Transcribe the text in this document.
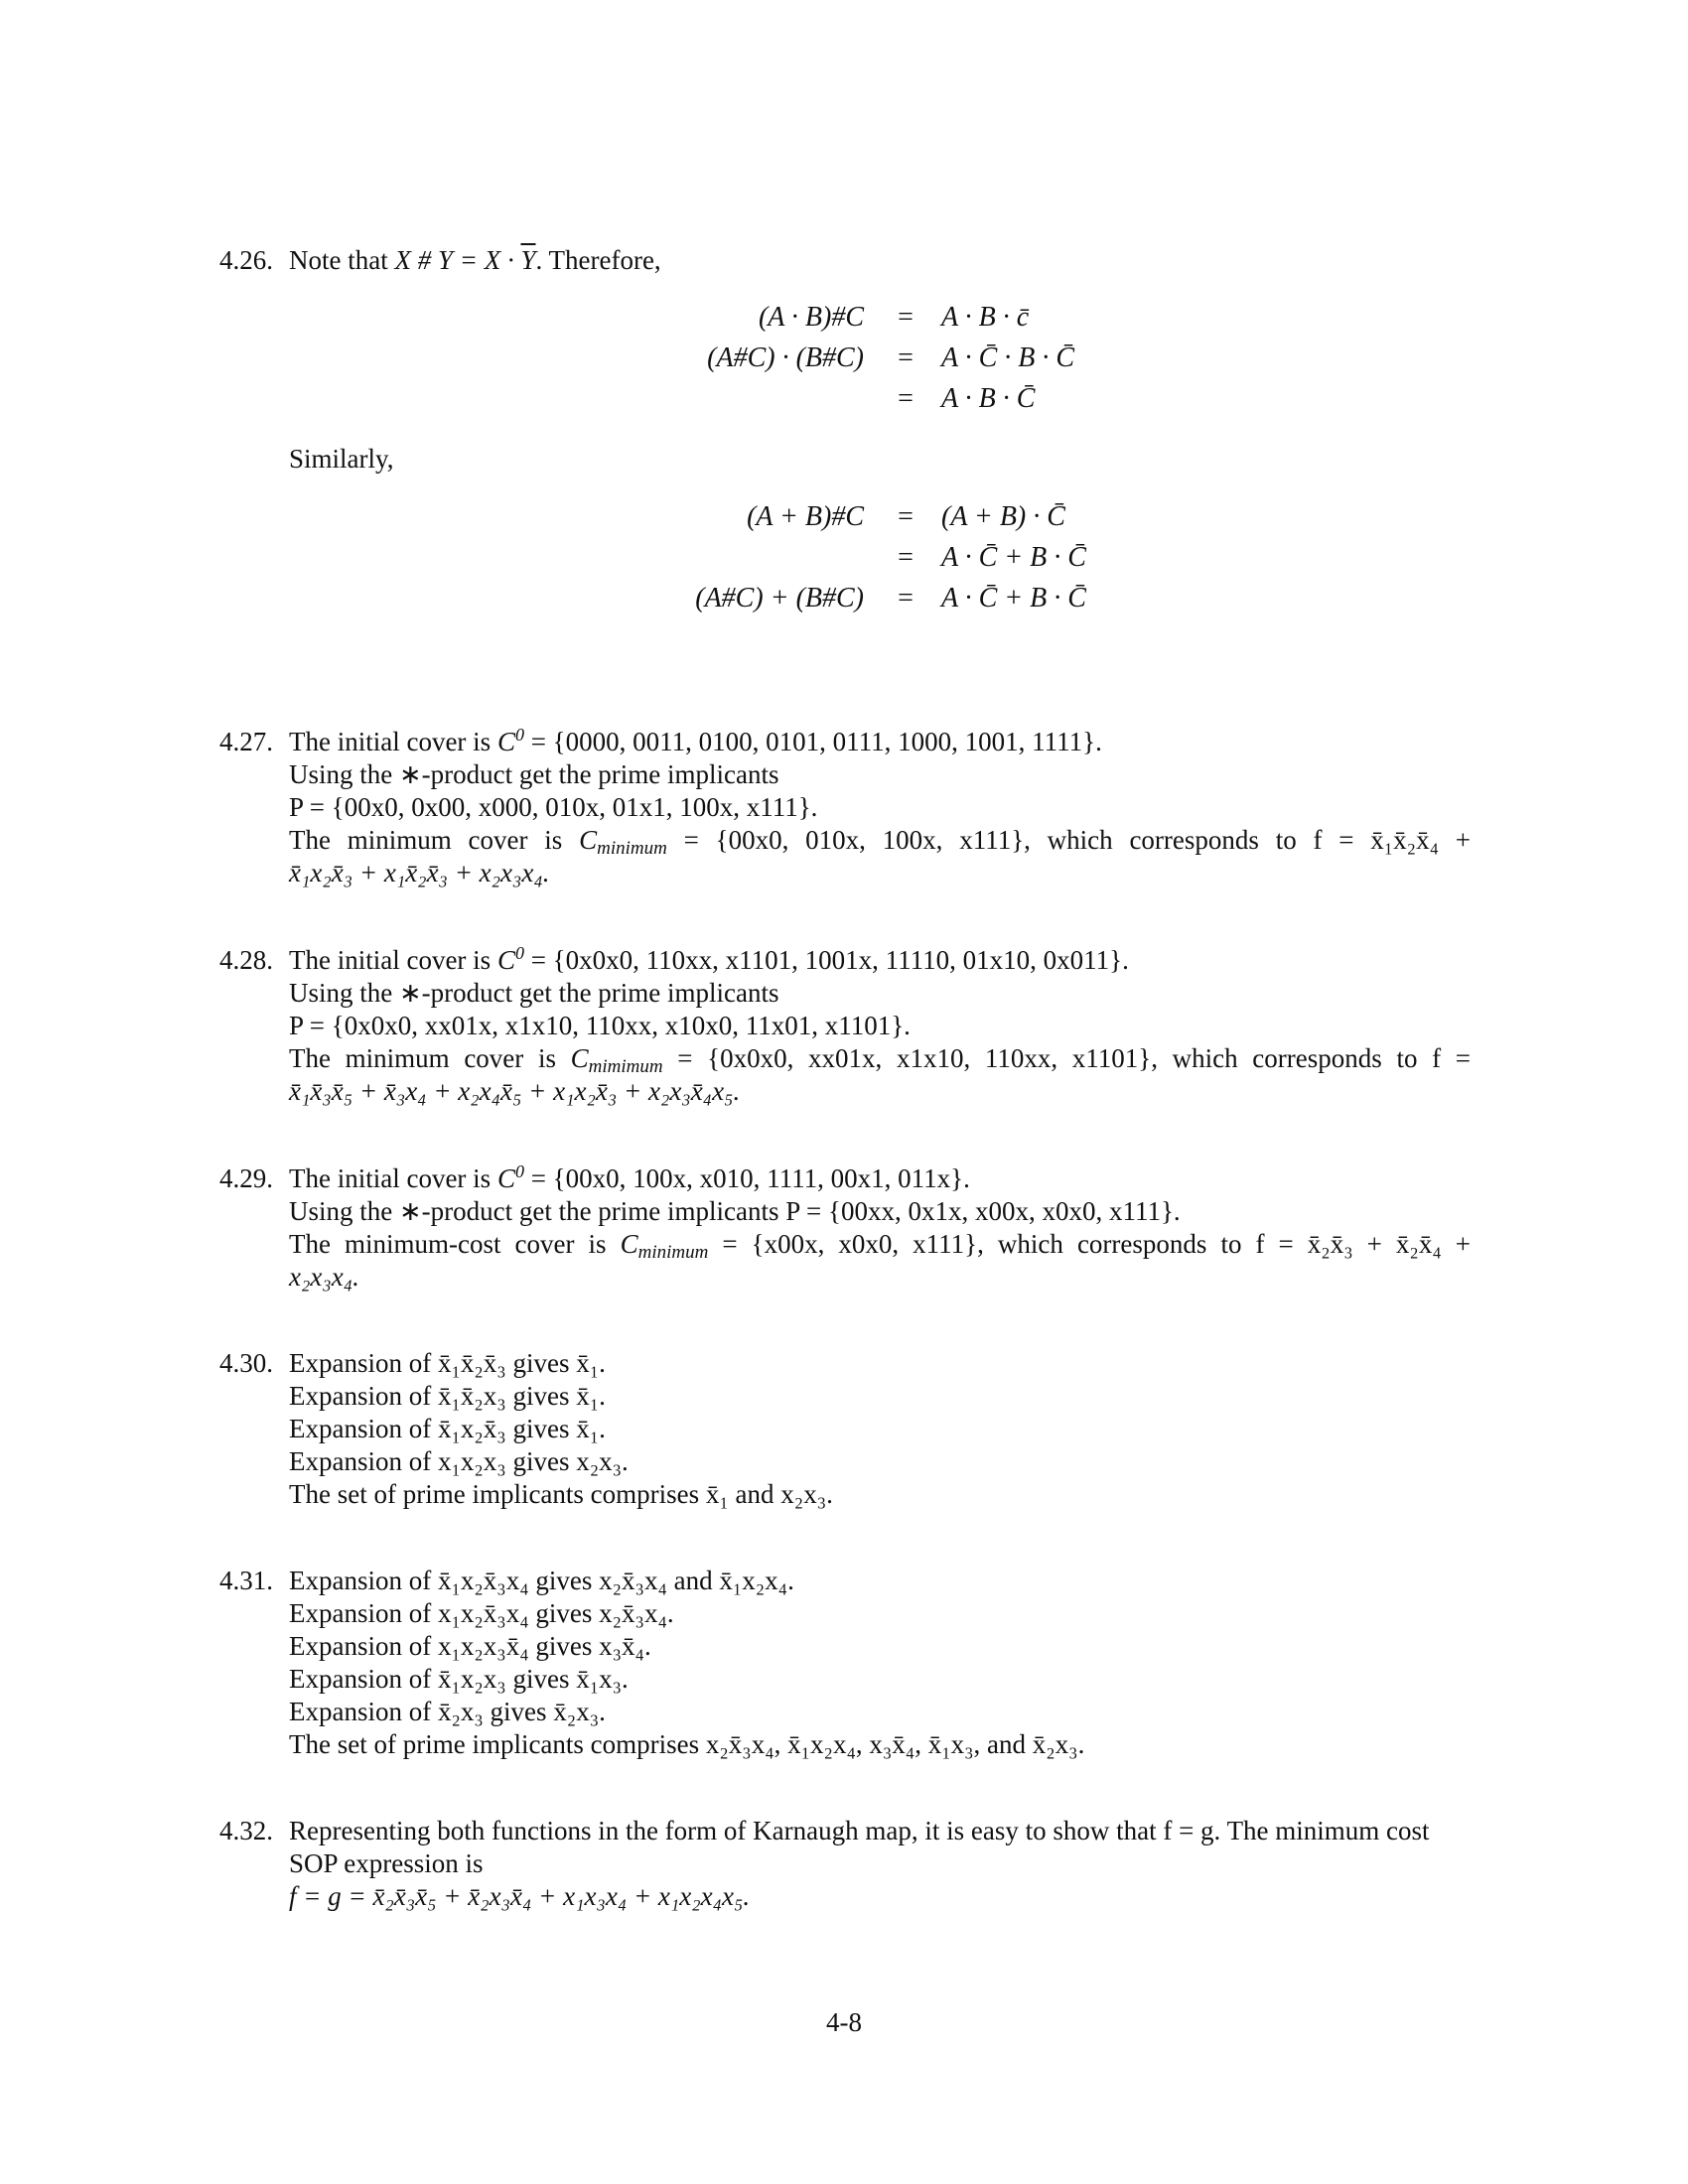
4.26. Note that X # $Y = X \cdot \overline{Y}$. Therefore,
(A · B)#C = A · B · c̄
(A#C) · (B#C) = A · C̄ · B · C̄
= A · B · C̄
Similarly,
(A + B)#C = (A + B) · C̄
= A · C̄ + B · C̄
(A#C) + (B#C) = A · C̄ + B · C̄
4.27. The initial cover is $C^0 = \{0000$, 0011, 0100, 0101, 0111, 1000, 1001, 1111}.
Using the ∗-product get the prime implicants
P = {00x0, 0x00, x000, 010x, 01x1, 100x, x111}.
The minimum cover is Cminimum = {00x0, 010x, 100x, x111}, which corresponds to f = x̄₁x̄₂x̄₄ +
x̄₁x₂x̄₃ + x₁x̄₂x̄₃ + x₂x₃x₄.
4.28. The initial cover is $C^0 = \{0x0x0$, 110xx, x1101, 1001x, 11110, 01x10, 0x011}.
Using the ∗-product get the prime implicants
P = {0x0x0, xx01x, x1x10, 110xx, x10x0, 11x01, x1101}.
The minimum cover is Cmimimum = {0x0x0, xx01x, x1x10, 110xx, x1101}, which corresponds to f =
x̄₁x̄₃x̄₅ + x̄₃x₄ + x₂x₄x̄₅ + x₁x₂x̄₃ + x₂x₃x̄₄x₅.
4.29. The initial cover is $C^0 = \{00x0$, 100x, x010, 1111, 00x1, 011x}.
Using the ∗-product get the prime implicants P = {00xx, 0x1x, x00x, x0x0, x111}.
The minimum-cost cover is Cminimum = {x00x, x0x0, x111}, which corresponds to f = x̄₂x̄₃ + x̄₂x̄₄ +
x₂x₃x₄.
4.30. Expansion of x̄₁x̄₂x̄₃ gives x̄₁.
Expansion of x̄₁x̄₂x₃ gives x̄₁.
Expansion of x̄₁x₂x̄₃ gives x̄₁.
Expansion of x₁x₂x₃ gives x₂x₃.
The set of prime implicants comprises x̄₁ and x₂x₃.
4.31. Expansion of x̄₁x₂x̄₃x₄ gives x₂x̄₃x₄ and x̄₁x₂x₄.
Expansion of x₁x₂x̄₃x₄ gives x₂x̄₃x₄.
Expansion of x₁x₂x₃x̄₄ gives x₃x̄₄.
Expansion of x̄₁x₂x₃ gives x̄₁x₃.
Expansion of x̄₂x₃ gives x̄₂x₃.
The set of prime implicants comprises x₂x̄₃x₄, x̄₁x₂x₄, x₃x̄₄, x̄₁x₃, and x̄₂x₃.
4.32. Representing both functions in the form of Karnaugh map, it is easy to show that f = g. The minimum cost
SOP expression is
f = g = x̄₂x̄₃x̄₅ + x̄₂x₃x̄₄ + x₁x₃x₄ + x₁x₂x₄x₅.
4-8
